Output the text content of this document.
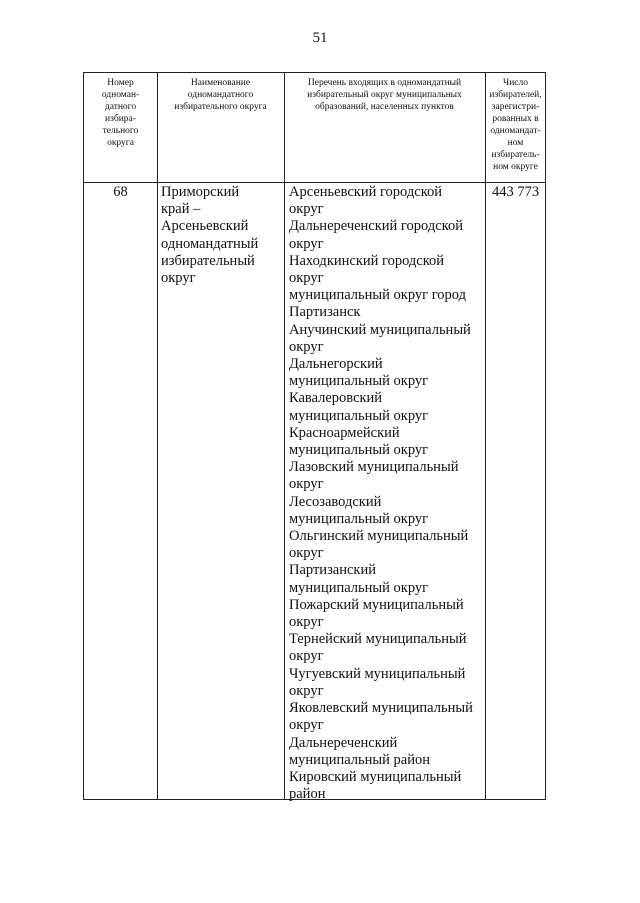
51
Номер
одноман-
датного
избира-
тельного
округа
Наименование
одномандатного
избирательного округа
Перечень входящих в одномандатный
избирательный округ муниципальных
образований, населенных пунктов
Число
избирателей,
зарегистри-
рованных в
одномандат-
ном
избиратель-
ном округе
68	Приморский
край –
Арсеньевский
одномандатный
избирательный
округ
Арсеньевский городской
округ
Дальнереченский городской
округ
Находкинский городской
округ
муниципальный округ город
Партизанск
Анучинский муниципальный
округ
Дальнегорский
муниципальный округ
Кавалеровский
муниципальный округ
Красноармейский
муниципальный округ
Лазовский муниципальный
округ
Лесозаводский
муниципальный округ
Ольгинский муниципальный
округ
Партизанский
муниципальный округ
Пожарский муниципальный
округ
Тернейский муниципальный
округ
Чугуевский муниципальный
округ
Яковлевский муниципальный
округ
Дальнереченский
муниципальный район
Кировский муниципальный
район
443 773
